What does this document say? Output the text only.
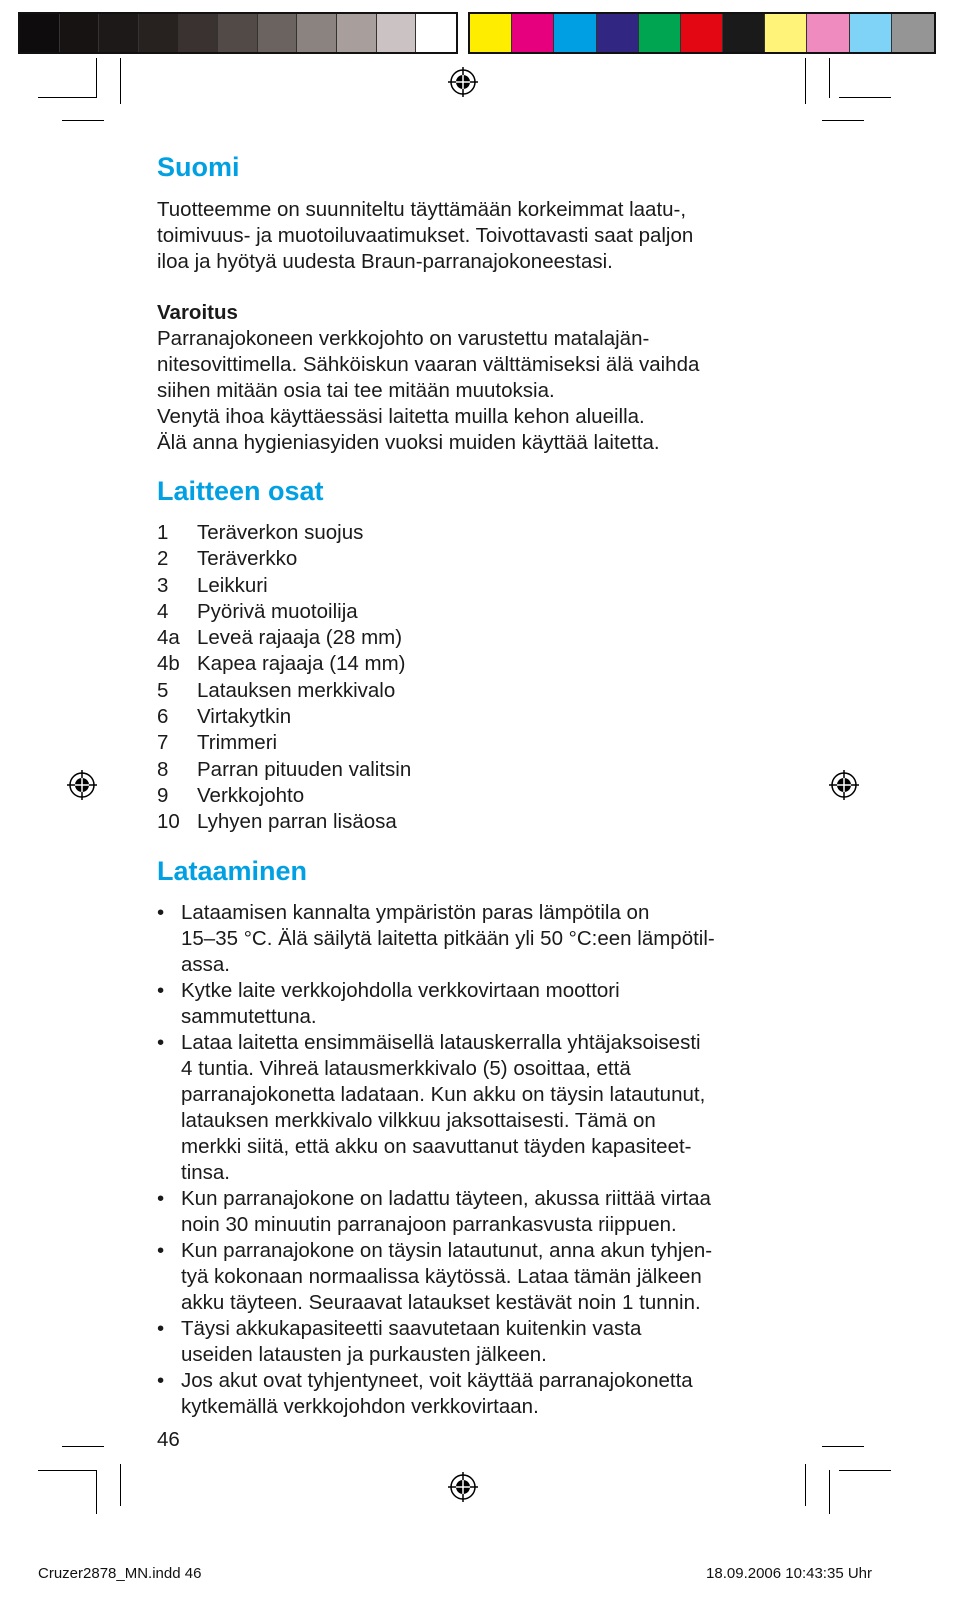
Suomi

Tuotteemme on suunniteltu täyttämään korkeimmat laatu-,
toimivuus- ja muotoiluvaatimukset. Toivottavasti saat paljon
iloa ja hyötyä uudesta Braun-parranajokoneestasi.

Varoitus

Parranajokoneen verkkojohto on varustettu matalajän-
nitesovittimella. Sähköiskun vaaran välttämiseksi älä vaihda
siihen mitään osia tai tee mitään muutoksia.
Venytä ihoa käyttäessäsi laitetta muilla kehon alueilla.
Älä anna hygieniasyiden vuoksi muiden käyttää laitetta.

Laitteen osat
1	Teräverkon suojus
2	Teräverkko
3	Leikkuri
4	Pyörivä muotoilija
4a Leveä rajaaja (28 mm)
4b Kapea rajaaja (14 mm)
5	Latauksen merkkivalo
6	Virtakytkin
7	Trimmeri
8	Parran pituuden valitsin
9	Verkkojohto
10 Lyhyen parran lisäosa
Lataaminen
• Lataamisen kannalta ympäristön paras lämpötila on
15–35 °C. Älä säilytä laitetta pitkään yli 50 °C:een lämpötil-
assa.
• Kytke laite verkkojohdolla verkkovirtaan moottori
sammutettuna.
• Lataa laitetta ensimmäisellä latauskerralla yhtäjaksoisesti
4 tuntia. Vihreä latausmerkkivalo (5) osoittaa, että
parranajokonetta ladataan. Kun akku on täysin latautunut,
latauksen merkkivalo vilkkuu jaksottaisesti. Tämä on
merkki siitä, että akku on saavuttanut täyden kapasiteet-
tinsa.
• Kun parranajokone on ladattu täyteen, akussa riittää virtaa
noin 30 minuutin parranajoon parrankasvusta riippuen.
• Kun parranajokone on täysin latautunut, anna akun tyhjen-
tyä kokonaan normaalissa käytössä. Lataa tämän jälkeen
akku täyteen. Seuraavat lataukset kestävät noin 1 tunnin.
• Täysi akkukapasiteetti saavutetaan kuitenkin vasta
useiden latausten ja purkausten jälkeen.
• Jos akut ovat tyhjentyneet, voit käyttää parranajokonetta
kytkemällä verkkojohdon verkkovirtaan.
46
Cruzer2878_MN.indd 46	18.09.2006 10:43:35 Uhr
